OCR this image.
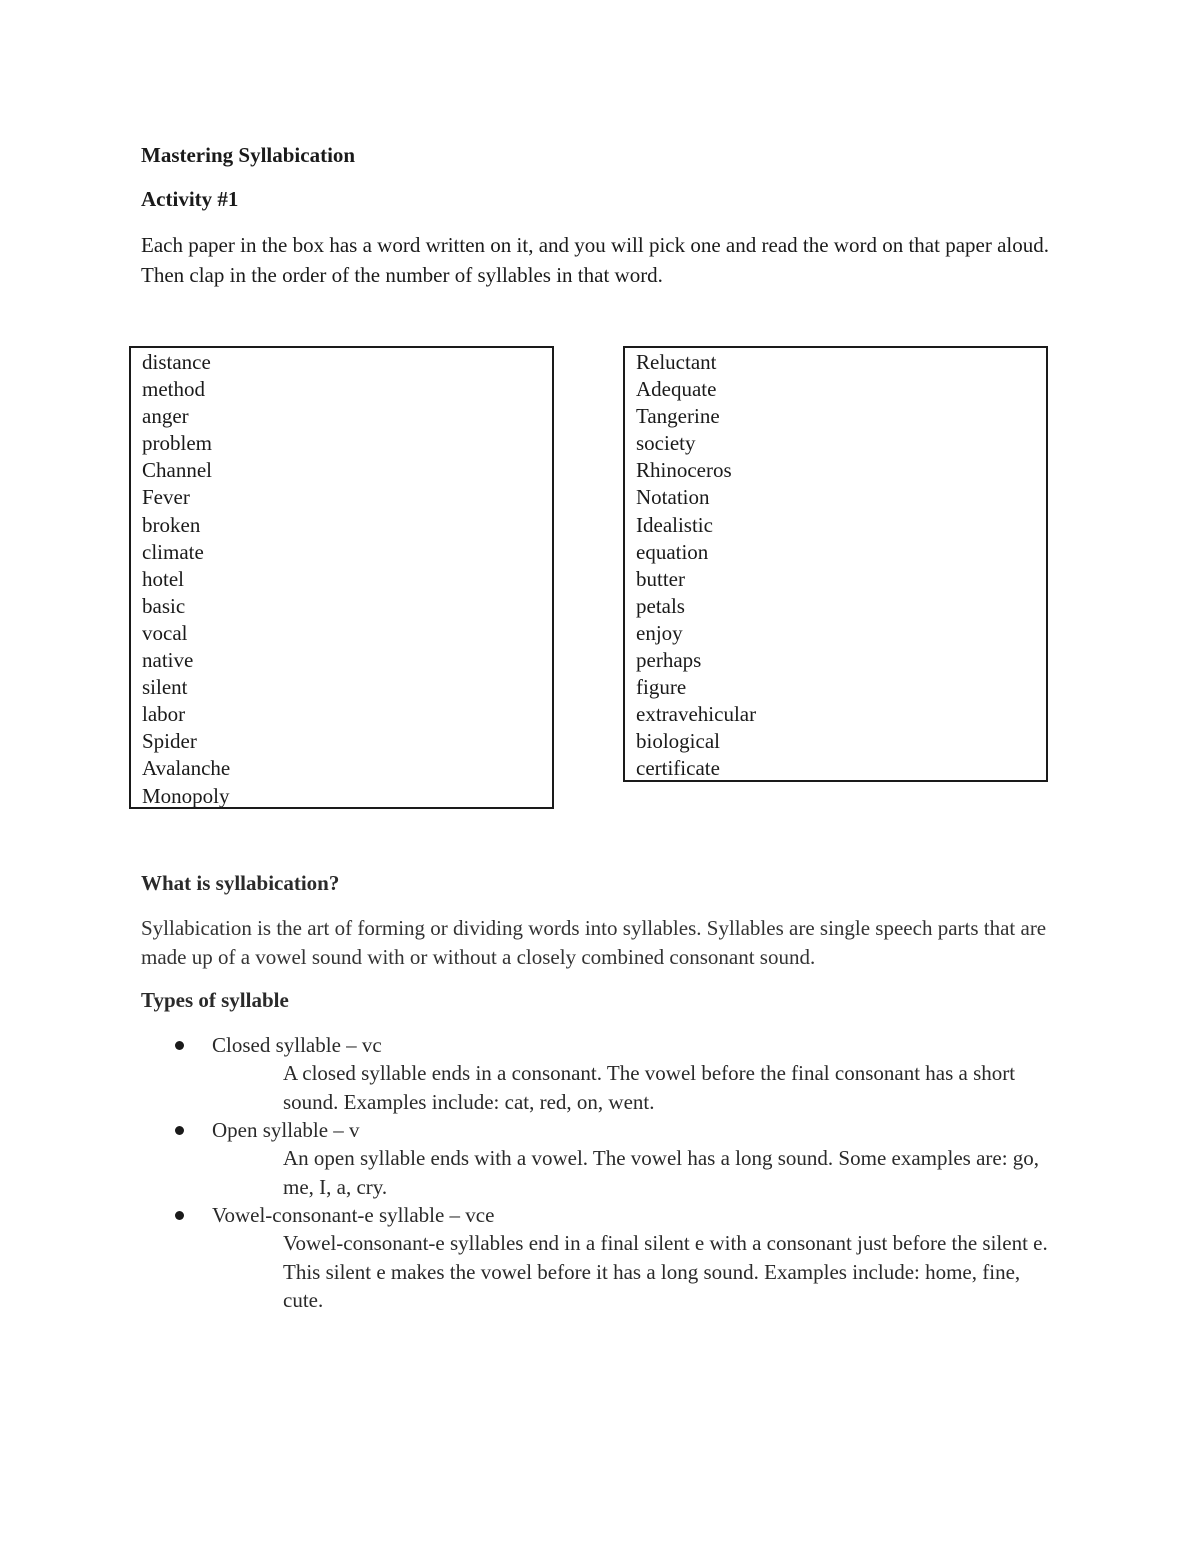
Mastering Syllabication
Activity #1
Each paper in the box has a word written on it, and you will pick one and read the word on that paper aloud. Then clap in the order of the number of syllables in that word.
distance
method
anger
problem
Channel
Fever
broken
climate
hotel
basic
vocal
native
silent
labor
Spider
Avalanche
Monopoly
Reluctant
Adequate
Tangerine
society
Rhinoceros
Notation
Idealistic
equation
butter
petals
enjoy
perhaps
figure
extravehicular
biological
certificate
What is syllabication?
Syllabication is the art of forming or dividing words into syllables. Syllables are single speech parts that are made up of a vowel sound with or without a closely combined consonant sound.
Types of syllable
Closed syllable – vc
A closed syllable ends in a consonant. The vowel before the final consonant has a short sound. Examples include: cat, red, on, went.
Open syllable – v
An open syllable ends with a vowel. The vowel has a long sound. Some examples are: go, me, I, a, cry.
Vowel-consonant-e syllable – vce
Vowel-consonant-e syllables end in a final silent e with a consonant just before the silent e. This silent e makes the vowel before it has a long sound. Examples include: home, fine, cute.
